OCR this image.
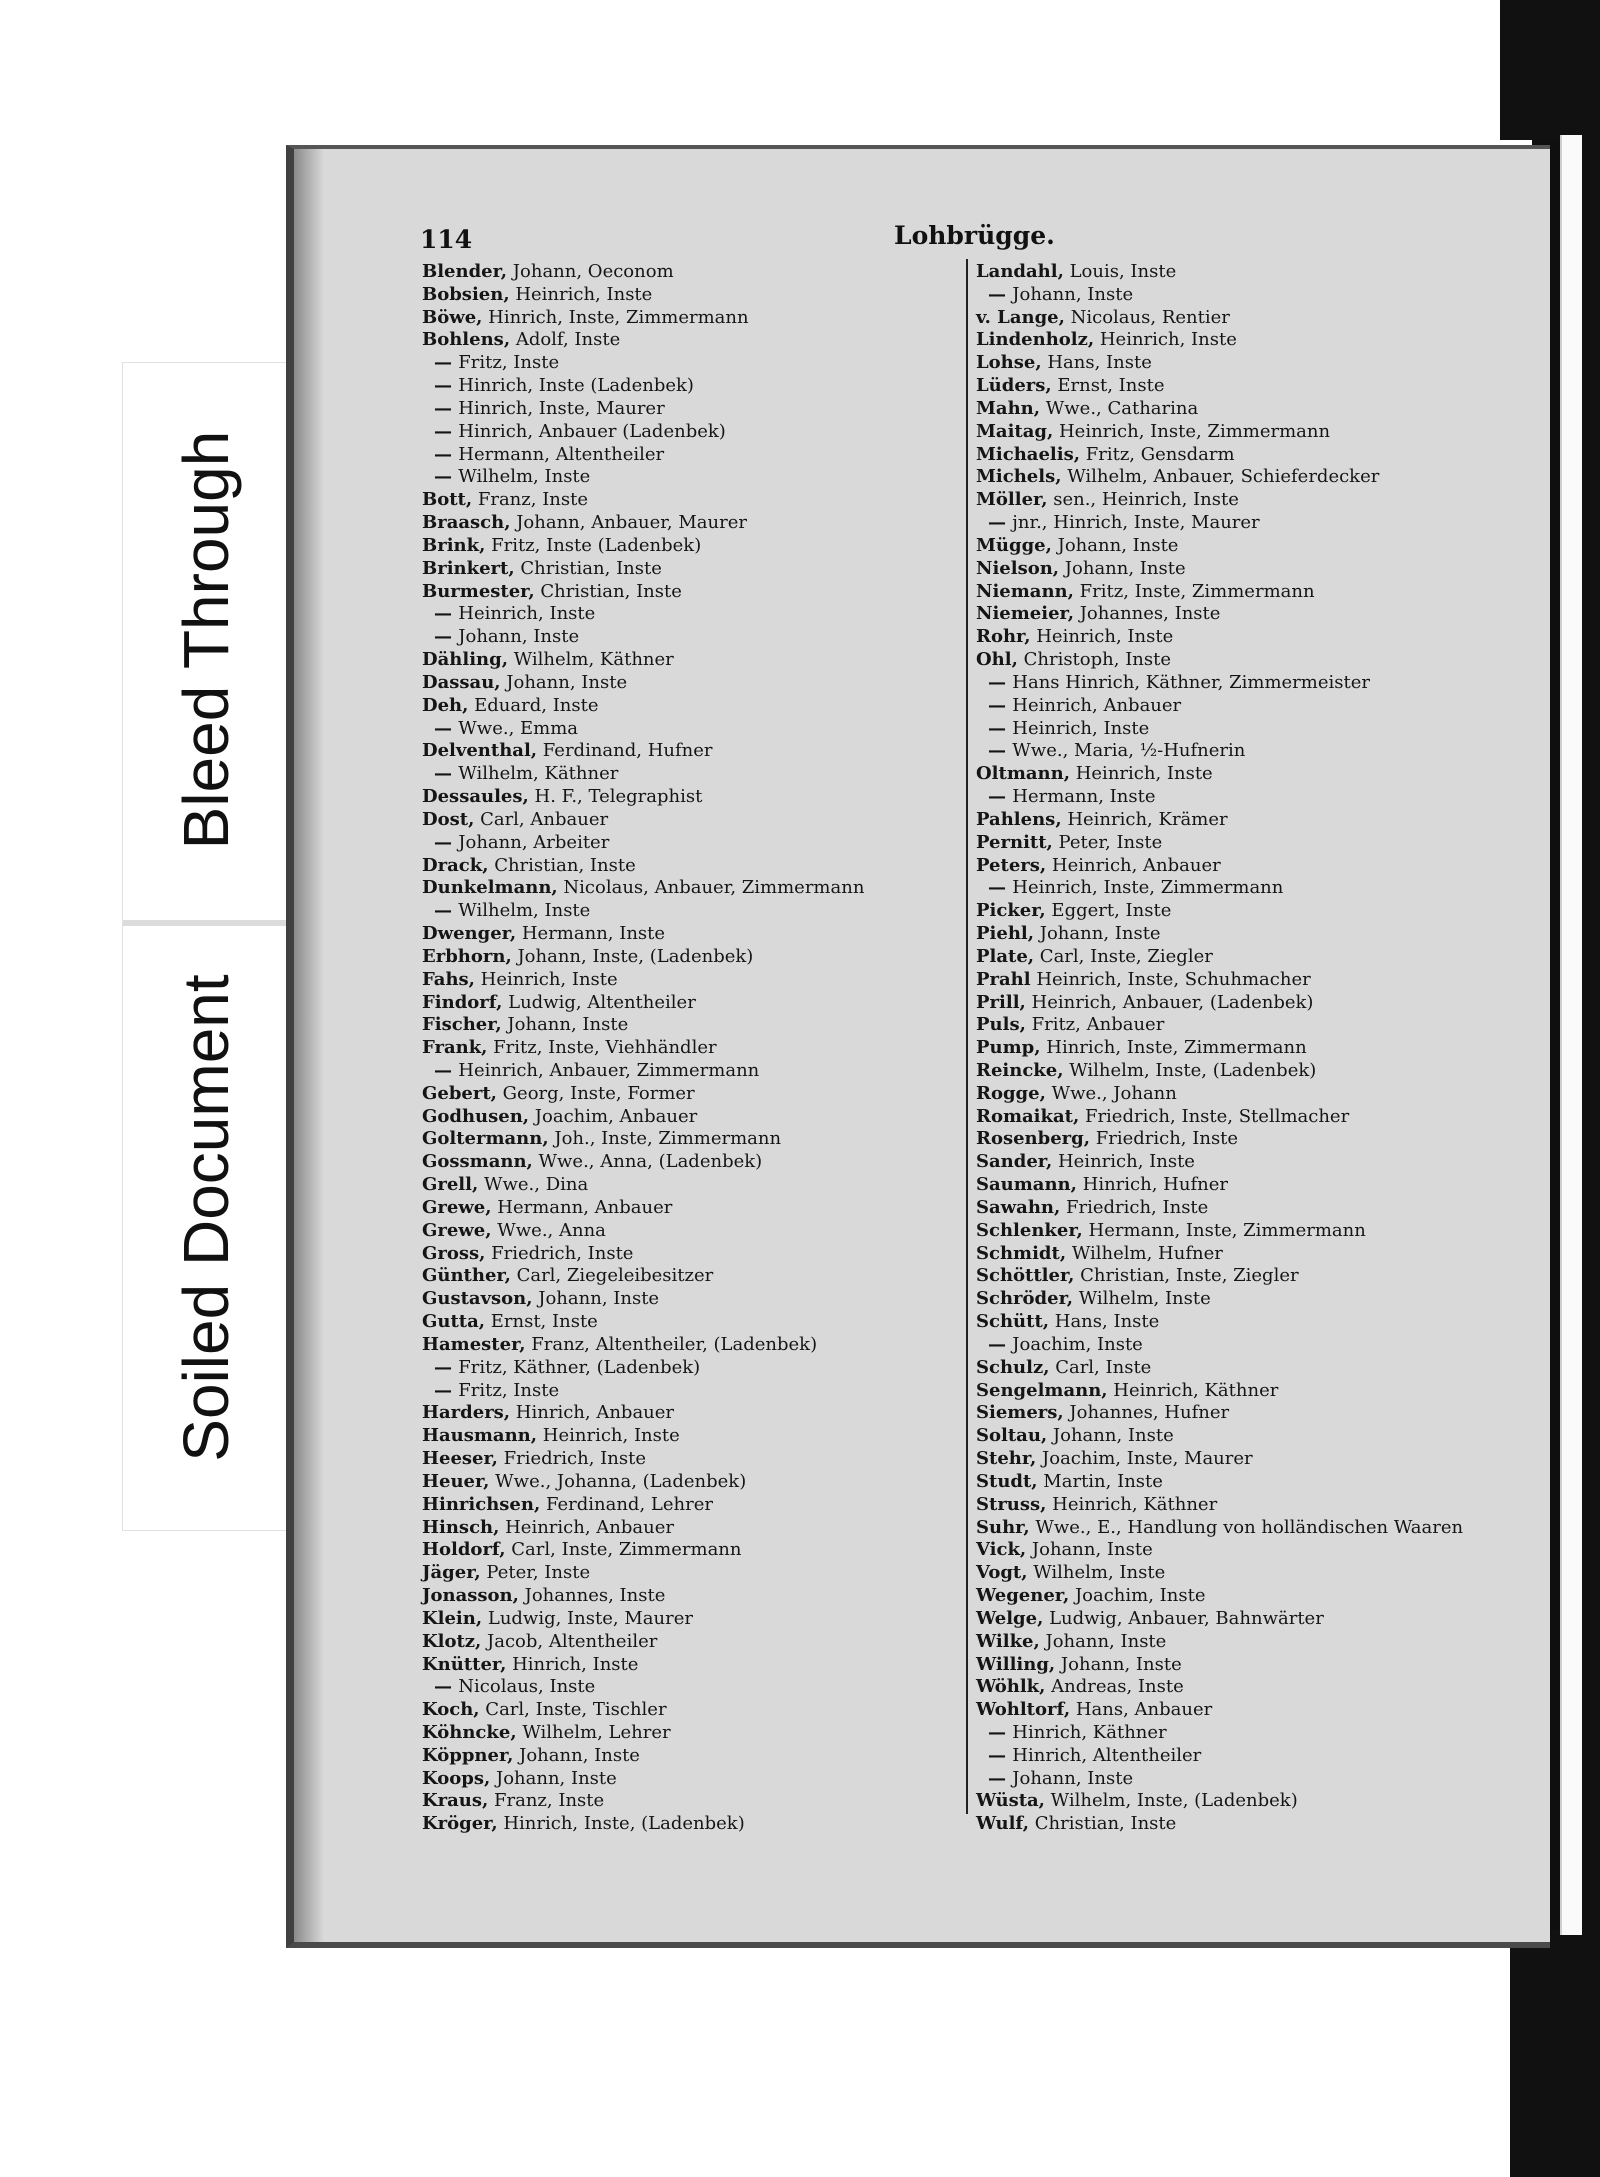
Bleed Through
Soiled Document
114	Lohbrügge.
Blender, Johann, Oeconom
Bobsien, Heinrich, Inste
Böwe, Hinrich, Inste, Zimmermann
Bohlens, Adolf, Inste
— Fritz, Inste
— Hinrich, Inste (Ladenbek)
— Hinrich, Inste, Maurer
— Hinrich, Anbauer (Ladenbek)
— Hermann, Altentheiler
— Wilhelm, Inste
Bott, Franz, Inste
Braasch, Johann, Anbauer, Maurer
Brink, Fritz, Inste (Ladenbek)
Brinkert, Christian, Inste
Burmester, Christian, Inste
— Heinrich, Inste
— Johann, Inste
Dähling, Wilhelm, Käthner
Dassau, Johann, Inste
Deh, Eduard, Inste
— Wwe., Emma
Delventhal, Ferdinand, Hufner
— Wilhelm, Käthner
Dessaules, H. F., Telegraphist
Dost, Carl, Anbauer
— Johann, Arbeiter
Drack, Christian, Inste
Dunkelmann, Nicolaus, Anbauer, Zimmermann
— Wilhelm, Inste
Dwenger, Hermann, Inste
Erbhorn, Johann, Inste, (Ladenbek)
Fahs, Heinrich, Inste
Findorf, Ludwig, Altentheiler
Fischer, Johann, Inste
Frank, Fritz, Inste, Viehhändler
— Heinrich, Anbauer, Zimmermann
Gebert, Georg, Inste, Former
Godhusen, Joachim, Anbauer
Goltermann, Joh., Inste, Zimmermann
Gossmann, Wwe., Anna, (Ladenbek)
Grell, Wwe., Dina
Grewe, Hermann, Anbauer
Grewe, Wwe., Anna
Gross, Friedrich, Inste
Günther, Carl, Ziegeleibesitzer
Gustavson, Johann, Inste
Gutta, Ernst, Inste
Hamester, Franz, Altentheiler, (Ladenbek)
— Fritz, Käthner, (Ladenbek)
— Fritz, Inste
Harders, Hinrich, Anbauer
Hausmann, Heinrich, Inste
Heeser, Friedrich, Inste
Heuer, Wwe., Johanna, (Ladenbek)
Hinrichsen, Ferdinand, Lehrer
Hinsch, Heinrich, Anbauer
Holdorf, Carl, Inste, Zimmermann
Jäger, Peter, Inste
Jonasson, Johannes, Inste
Klein, Ludwig, Inste, Maurer
Klotz, Jacob, Altentheiler
Knütter, Hinrich, Inste
— Nicolaus, Inste
Koch, Carl, Inste, Tischler
Köhncke, Wilhelm, Lehrer
Köppner, Johann, Inste
Koops, Johann, Inste
Kraus, Franz, Inste
Kröger, Hinrich, Inste, (Ladenbek)
Landahl, Louis, Inste
— Johann, Inste
v. Lange, Nicolaus, Rentier
Lindenholz, Heinrich, Inste
Lohse, Hans, Inste
Lüders, Ernst, Inste
Mahn, Wwe., Catharina
Maitag, Heinrich, Inste, Zimmermann
Michaelis, Fritz, Gensdarm
Michels, Wilhelm, Anbauer, Schieferdecker
Möller, sen., Heinrich, Inste
— jnr., Hinrich, Inste, Maurer
Mügge, Johann, Inste
Nielson, Johann, Inste
Niemann, Fritz, Inste, Zimmermann
Niemeier, Johannes, Inste
Rohr, Heinrich, Inste
Ohl, Christoph, Inste
— Hans Hinrich, Käthner, Zimmermeister
— Heinrich, Anbauer
— Heinrich, Inste
— Wwe., Maria, ½-Hufnerin
Oltmann, Heinrich, Inste
— Hermann, Inste
Pahlens, Heinrich, Krämer
Pernitt, Peter, Inste
Peters, Heinrich, Anbauer
— Heinrich, Inste, Zimmermann
Picker, Eggert, Inste
Piehl, Johann, Inste
Plate, Carl, Inste, Ziegler
Prahl Heinrich, Inste, Schuhmacher
Prill, Heinrich, Anbauer, (Ladenbek)
Puls, Fritz, Anbauer
Pump, Hinrich, Inste, Zimmermann
Reincke, Wilhelm, Inste, (Ladenbek)
Rogge, Wwe., Johann
Romaikat, Friedrich, Inste, Stellmacher
Rosenberg, Friedrich, Inste
Sander, Heinrich, Inste
Saumann, Hinrich, Hufner
Sawahn, Friedrich, Inste
Schlenker, Hermann, Inste, Zimmermann
Schmidt, Wilhelm, Hufner
Schöttler, Christian, Inste, Ziegler
Schröder, Wilhelm, Inste
Schütt, Hans, Inste
— Joachim, Inste
Schulz, Carl, Inste
Sengelmann, Heinrich, Käthner
Siemers, Johannes, Hufner
Soltau, Johann, Inste
Stehr, Joachim, Inste, Maurer
Studt, Martin, Inste
Struss, Heinrich, Käthner
Suhr, Wwe., E., Handlung von holländischen Waaren
Vick, Johann, Inste
Vogt, Wilhelm, Inste
Wegener, Joachim, Inste
Welge, Ludwig, Anbauer, Bahnwärter
Wilke, Johann, Inste
Willing, Johann, Inste
Wöhlk, Andreas, Inste
Wohltorf, Hans, Anbauer
— Hinrich, Käthner
— Hinrich, Altentheiler
— Johann, Inste
Wüsta, Wilhelm, Inste, (Ladenbek)
Wulf, Christian, Inste
